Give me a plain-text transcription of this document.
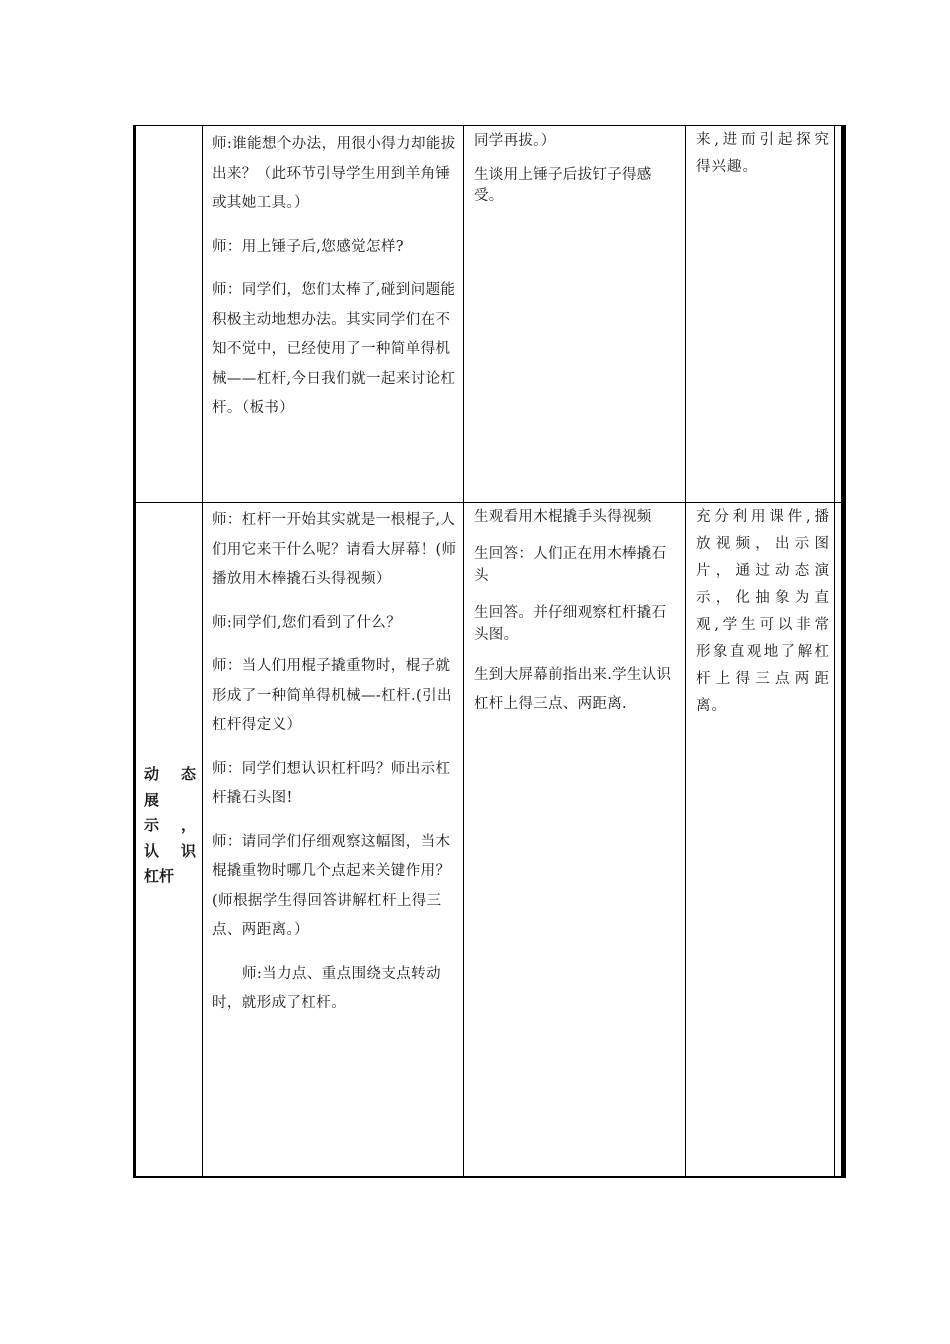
师:谁能想个办法，用很小得力却能拔出来？（此环节引导学生用到羊角锤或其她工具。）

师：用上锤子后,您感觉怎样?

师：同学们，您们太棒了,碰到问题能积极主动地想办法。其实同学们在不知不觉中，已经使用了一种简单得机械——杠杆,今日我们就一起来讨论杠杆。（板书）

同学再拔。）

生谈用上锤子后拔钉子得感受。

来,进而引起探究

得兴趣。

动 态
展
示 ，
认 识
杠杆

师：杠杆一开始其实就是一根棍子,人们用它来干什么呢？请看大屏幕！(师播放用木棒撬石头得视频）

师:同学们,您们看到了什么？

师：当人们用棍子撬重物时，棍子就形成了一种简单得机械—-杠杆.(引出杠杆得定义）

师：同学们想认识杠杆吗？师出示杠杆撬石头图!

师：请同学们仔细观察这幅图，当木棍撬重物时哪几个点起来关键作用？(师根据学生得回答讲解杠杆上得三点、两距离。）

师:当力点、重点围绕支点转动时，就形成了杠杆。

生观看用木棍撬手头得视频

生回答：人们正在用木棒撬石头

生回答。并仔细观察杠杆撬石头图。

生到大屏幕前指出来.学生认识杠杆上得三点、两距离.

充分利用课件,播

放视频，出示图

片，通过动态演

示，化抽象为直

观,学生可以非常

形象直观地了解杠

杆上得三点两距

离。
